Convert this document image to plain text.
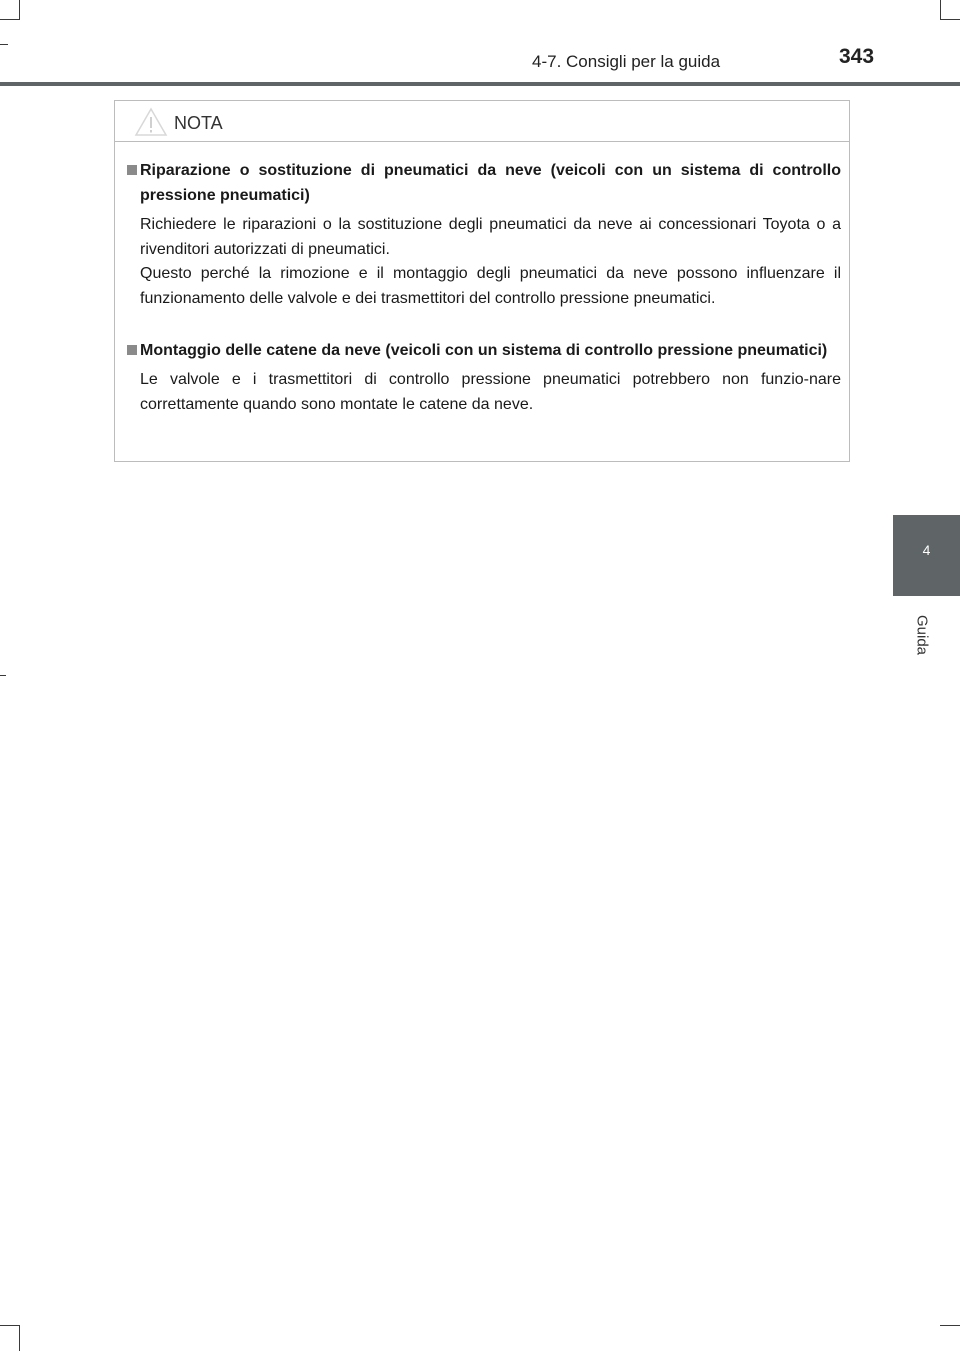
4-7. Consigli per la guida	343
4
Guida
NOTA
Riparazione o sostituzione di pneumatici da neve (veicoli con un sistema di controllo pressione pneumatici)

Richiedere le riparazioni o la sostituzione degli pneumatici da neve ai concessionari Toyota o a rivenditori autorizzati di pneumatici.

Questo perché la rimozione e il montaggio degli pneumatici da neve possono influenzare il funzionamento delle valvole e dei trasmettitori del controllo pressione pneumatici.

Montaggio delle catene da neve (veicoli con un sistema di controllo pressione pneumatici)

Le valvole e i trasmettitori di controllo pressione pneumatici potrebbero non funzio-nare correttamente quando sono montate le catene da neve.
